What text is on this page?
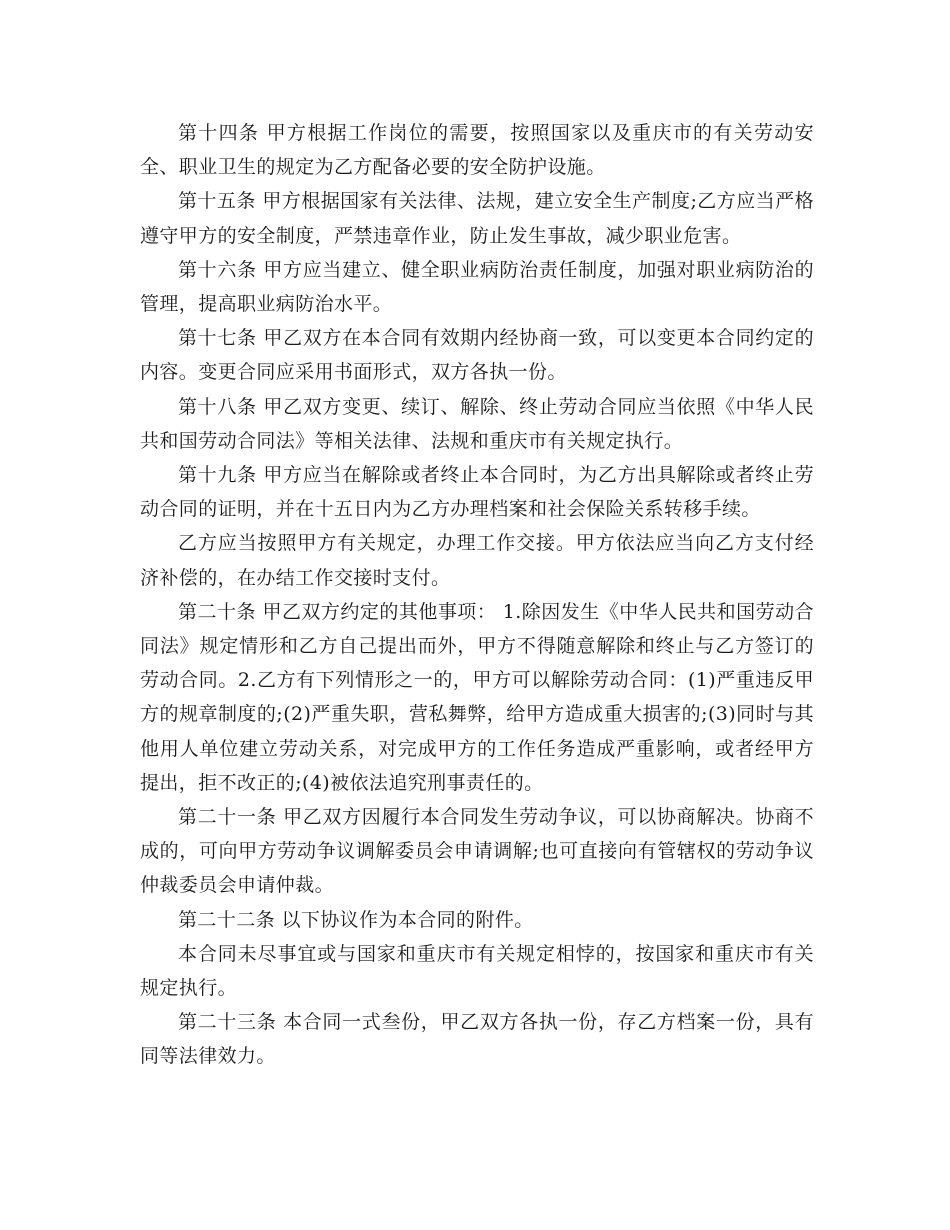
第十四条 甲方根据工作岗位的需要，按照国家以及重庆市的有关劳动安全、职业卫生的规定为乙方配备必要的安全防护设施。

第十五条 甲方根据国家有关法律、法规，建立安全生产制度;乙方应当严格遵守甲方的安全制度，严禁违章作业，防止发生事故，减少职业危害。

第十六条 甲方应当建立、健全职业病防治责任制度，加强对职业病防治的管理，提高职业病防治水平。

第十七条 甲乙双方在本合同有效期内经协商一致，可以变更本合同约定的内容。变更合同应采用书面形式，双方各执一份。

第十八条 甲乙双方变更、续订、解除、终止劳动合同应当依照《中华人民共和国劳动合同法》等相关法律、法规和重庆市有关规定执行。

第十九条 甲方应当在解除或者终止本合同时，为乙方出具解除或者终止劳动合同的证明，并在十五日内为乙方办理档案和社会保险关系转移手续。

乙方应当按照甲方有关规定，办理工作交接。甲方依法应当向乙方支付经济补偿的，在办结工作交接时支付。

第二十条 甲乙双方约定的其他事项： 1.除因发生《中华人民共和国劳动合同法》规定情形和乙方自己提出而外，甲方不得随意解除和终止与乙方签订的劳动合同。2.乙方有下列情形之一的，甲方可以解除劳动合同：(1)严重违反甲方的规章制度的;(2)严重失职，营私舞弊，给甲方造成重大损害的;(3)同时与其他用人单位建立劳动关系，对完成甲方的工作任务造成严重影响，或者经甲方提出，拒不改正的;(4)被依法追究刑事责任的。

第二十一条 甲乙双方因履行本合同发生劳动争议，可以协商解决。协商不成的，可向甲方劳动争议调解委员会申请调解;也可直接向有管辖权的劳动争议仲裁委员会申请仲裁。

第二十二条 以下协议作为本合同的附件。

本合同未尽事宜或与国家和重庆市有关规定相悖的，按国家和重庆市有关规定执行。

第二十三条 本合同一式叁份，甲乙双方各执一份，存乙方档案一份，具有同等法律效力。
